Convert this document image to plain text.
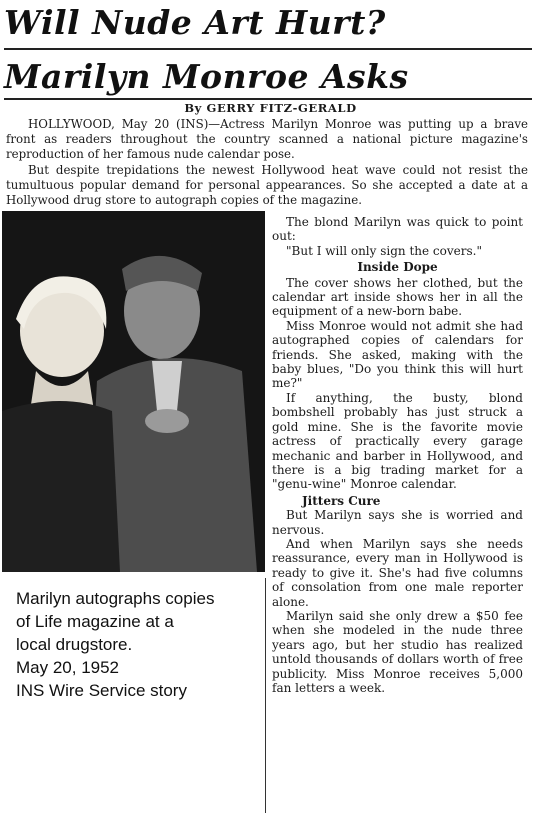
Will Nude Art Hurt?
Marilyn Monroe Asks
By GERRY FITZ-GERALD

HOLLYWOOD, May 20 (INS)—Actress Marilyn Monroe was putting up a brave front as readers throughout the country scanned a national picture magazine's reproduction of her famous nude calendar pose.

But despite trepidations the newest Hollywood heat wave could not resist the tumultuous popular demand for personal appearances. So she accepted a date at a Hollywood drug store to autograph copies of the magazine.

The blond Marilyn was quick to point out:

"But I will only sign the covers."

Inside Dope

The cover shows her clothed, but the calendar art inside shows her in all the equipment of a new-born babe.

Miss Monroe would not admit she had autographed copies of calendars for friends. She asked, making with the baby blues, "Do you think this will hurt me?"

If anything, the busty, blond bombshell probably has just struck a gold mine. She is the favorite movie actress of practically every garage mechanic and barber in Hollywood, and there is a big trading market for a "genu-wine" Monroe calendar.

Jitters Cure

But Marilyn says she is worried and nervous.

And when Marilyn says she needs reassurance, every man in Hollywood is ready to give it. She's had five columns of consolation from one male reporter alone.

Marilyn said she only drew a $50 fee when she modeled in the nude three years ago, but her studio has realized untold thousands of dollars worth of free publicity. Miss Monroe receives 5,000 fan letters a week.

Marilyn autographs copies
of Life magazine at a
local drugstore.
May 20, 1952
INS Wire Service story
